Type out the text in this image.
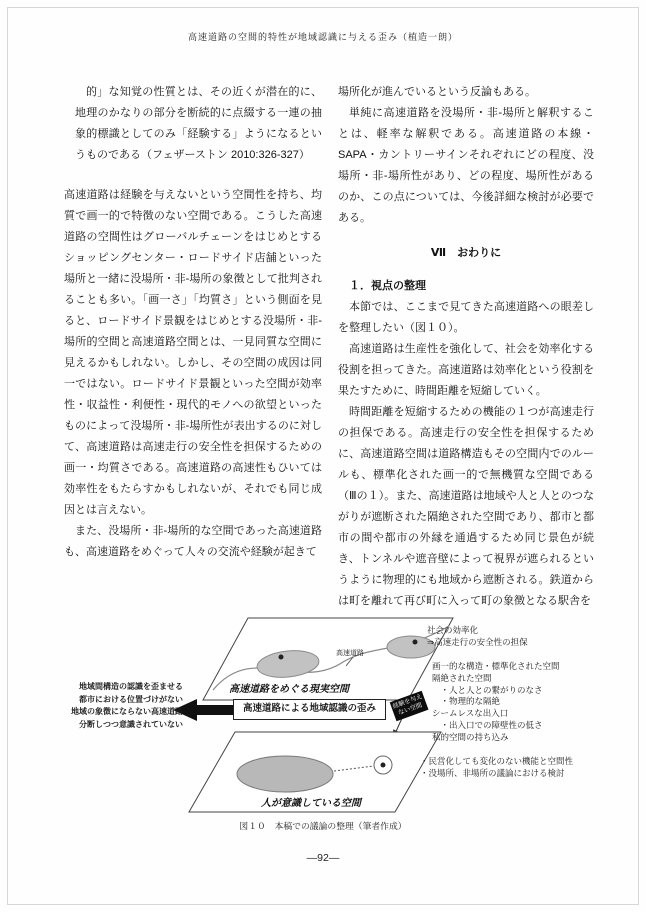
高速道路の空間的特性が地域認識に与える歪み（植造一朗）

的」な知覚の性質とは、その近くが潜在的に、地理のかなりの部分を断続的に点綴する一連の抽象的標識としてのみ「経験する」ようになるというものである（フェザーストン 2010:326-327）

高速道路は経験を与えないという空間性を持ち、均質で画一的で特徴のない空間である。こうした高速道路の空間性はグローバルチェーンをはじめとするショッピングセンター・ロードサイド店舗といった場所と一緒に没場所・非-場所の象徴として批判されることも多い。「画一さ」「均質さ」という側面を見ると、ロードサイド景観をはじめとする没場所・非-場所的空間と高速道路空間とは、一見同質な空間に見えるかもしれない。しかし、その空間の成因は同一ではない。ロードサイド景観といった空間が効率性・収益性・利便性・現代的モノへの欲望といったものによって没場所・非-場所性が表出するのに対して、高速道路は高速走行の安全性を担保するための画一・均質さである。高速道路の高速性もひいては効率性をもたらすかもしれないが、それでも同じ成因とは言えない。

また、没場所・非-場所的な空間であった高速道路も、高速道路をめぐって人々の交流や経験が起きて

場所化が進んでいるという反論もある。

単純に高速道路を没場所・非-場所と解釈することは、軽率な解釈である。高速道路の本線・SAPA・カントリーサインそれぞれにどの程度、没場所・非-場所性があり、どの程度、場所性があるのか、この点については、今後詳細な検討が必要である。

Ⅶ　おわりに
１．視点の整理

本節では、ここまで見てきた高速道路への眼差しを整理したい（図１０）。

高速道路は生産性を強化して、社会を効率化する役割を担ってきた。高速道路は効率化という役割を果たすために、時間距離を短縮していく。

時間距離を短縮するための機能の１つが高速走行の担保である。高速走行の安全性を担保するために、高速道路空間は道路構造もその空間内でのルールも、標準化された画一的で無機質な空間である（Ⅲの１）。また、高速道路は地域や人と人とのつながりが遮断された隔絶された空間であり、都市と都市の間や都市の外縁を通過するため同じ景色が続き、トンネルや遮音壁によって視界が遮られるというように物理的にも地域から遮断される。鉄道からは町を離れて再び町に入って町の象徴となる駅舎を

高速道路
高速道路をめぐる現実空間
高速道路による地域認識の歪み	経験を与えない空間
地域間構造の認識を歪ませる
都市における位置づけがない
地域の象徴にならない高速道路
分断しつつ意識されていない
社会の効率化
⇒高速走行の安全性の担保
画一的な構造・標準化された空間
隔絶された空間
　・人と人との繋がりのなさ
　・物理的な隔絶
シームレスな出入口
　・出入口での障壁性の低さ
私的空間の持ち込み
・民営化しても変化のない機能と空間性
・没場所、非場所の議論における検討
人が意識している空間
図１０　本稿での議論の整理（筆者作成）
—92—
